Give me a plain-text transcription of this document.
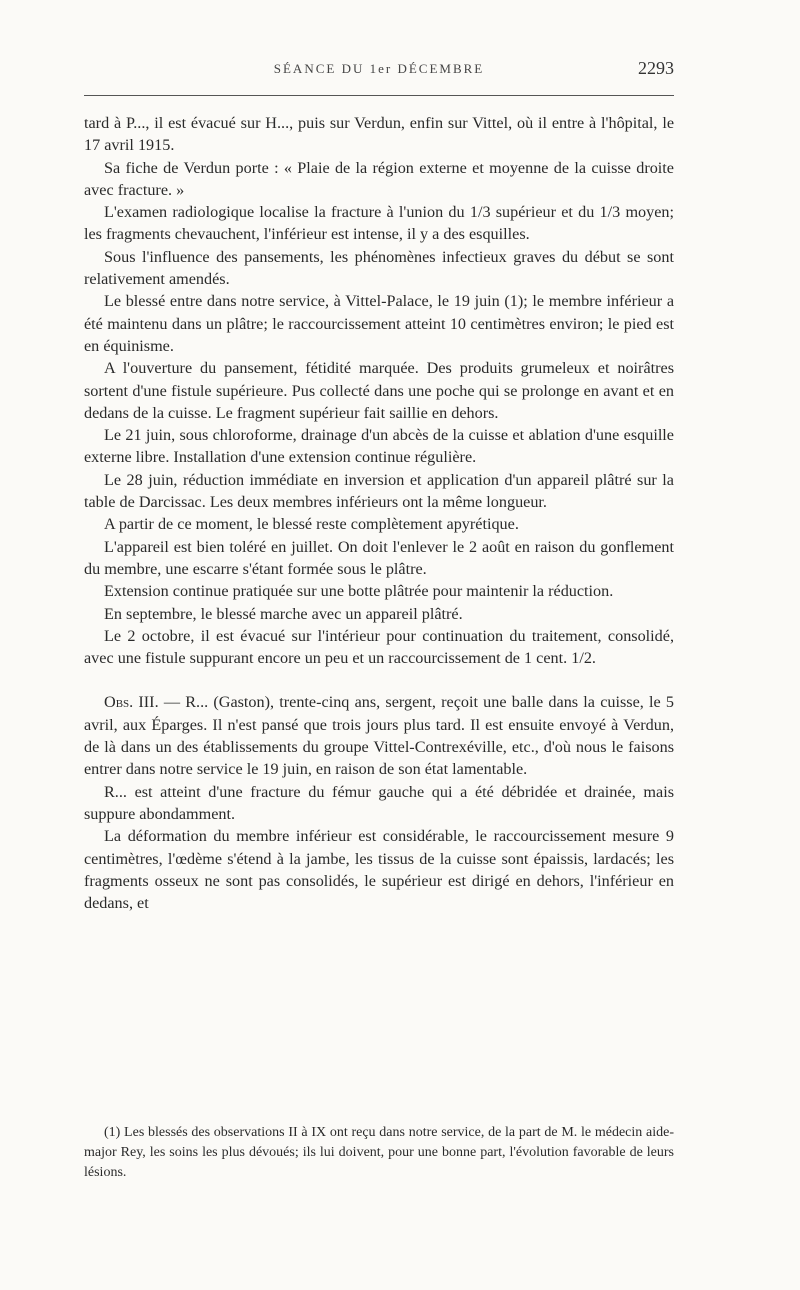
SÉANCE DU 1er DÉCEMBRE	2293

tard à P..., il est évacué sur H..., puis sur Verdun, enfin sur Vittel, où il entre à l'hôpital, le 17 avril 1915.

Sa fiche de Verdun porte : « Plaie de la région externe et moyenne de la cuisse droite avec fracture. »

L'examen radiologique localise la fracture à l'union du 1/3 supérieur et du 1/3 moyen; les fragments chevauchent, l'inférieur est intense, il y a des esquilles.

Sous l'influence des pansements, les phénomènes infectieux graves du début se sont relativement amendés.

Le blessé entre dans notre service, à Vittel-Palace, le 19 juin (1); le membre inférieur a été maintenu dans un plâtre; le raccourcissement atteint 10 centimètres environ; le pied est en équinisme.

A l'ouverture du pansement, fétidité marquée. Des produits grumeleux et noirâtres sortent d'une fistule supérieure. Pus collecté dans une poche qui se prolonge en avant et en dedans de la cuisse. Le fragment supérieur fait saillie en dehors.

Le 21 juin, sous chloroforme, drainage d'un abcès de la cuisse et ablation d'une esquille externe libre. Installation d'une extension continue régulière.

Le 28 juin, réduction immédiate en inversion et application d'un appareil plâtré sur la table de Darcissac. Les deux membres inférieurs ont la même longueur.

A partir de ce moment, le blessé reste complètement apyrétique.

L'appareil est bien toléré en juillet. On doit l'enlever le 2 août en raison du gonflement du membre, une escarre s'étant formée sous le plâtre.

Extension continue pratiquée sur une botte plâtrée pour maintenir la réduction.

En septembre, le blessé marche avec un appareil plâtré.

Le 2 octobre, il est évacué sur l'intérieur pour continuation du traitement, consolidé, avec une fistule suppurant encore un peu et un raccourcissement de 1 cent. 1/2.

Obs. III. — R... (Gaston), trente-cinq ans, sergent, reçoit une balle dans la cuisse, le 5 avril, aux Éparges. Il n'est pansé que trois jours plus tard. Il est ensuite envoyé à Verdun, de là dans un des établissements du groupe Vittel-Contrexéville, etc., d'où nous le faisons entrer dans notre service le 19 juin, en raison de son état lamentable.

R... est atteint d'une fracture du fémur gauche qui a été débridée et drainée, mais suppure abondamment.

La déformation du membre inférieur est considérable, le raccourcissement mesure 9 centimètres, l'œdème s'étend à la jambe, les tissus de la cuisse sont épaissis, lardacés; les fragments osseux ne sont pas consolidés, le supérieur est dirigé en dehors, l'inférieur en dedans, et

(1) Les blessés des observations II à IX ont reçu dans notre service, de la part de M. le médecin aide-major Rey, les soins les plus dévoués; ils lui doivent, pour une bonne part, l'évolution favorable de leurs lésions.
